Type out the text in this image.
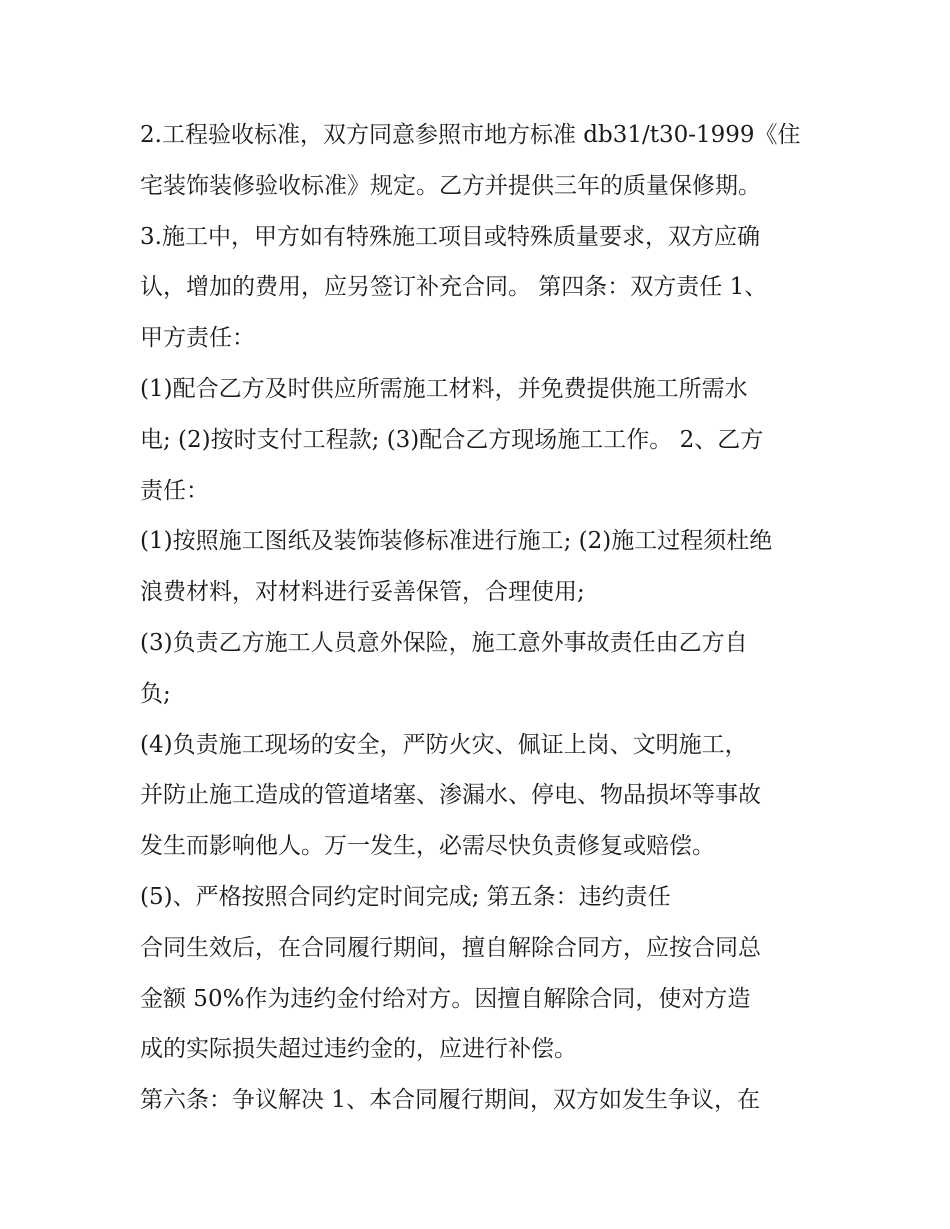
2.工程验收标准，双方同意参照市地方标准 db31/t30-1999《住
宅装饰装修验收标准》规定。乙方并提供三年的质量保修期。
3.施工中，甲方如有特殊施工项目或特殊质量要求，双方应确
认，增加的费用，应另签订补充合同。 第四条：双方责任 1、
甲方责任：
(1)配合乙方及时供应所需施工材料，并免费提供施工所需水
电; (2)按时支付工程款; (3)配合乙方现场施工工作。 2、乙方
责任：
(1)按照施工图纸及装饰装修标准进行施工; (2)施工过程须杜绝
浪费材料，对材料进行妥善保管，合理使用;
(3)负责乙方施工人员意外保险，施工意外事故责任由乙方自
负;
(4)负责施工现场的安全，严防火灾、佩证上岗、文明施工，
并防止施工造成的管道堵塞、渗漏水、停电、物品损坏等事故
发生而影响他人。万一发生，必需尽快负责修复或赔偿。
(5)、严格按照合同约定时间完成; 第五条：违约责任
合同生效后，在合同履行期间，擅自解除合同方，应按合同总
金额 50%作为违约金付给对方。因擅自解除合同，使对方造
成的实际损失超过违约金的，应进行补偿。
第六条：争议解决 1、本合同履行期间，双方如发生争议，在
